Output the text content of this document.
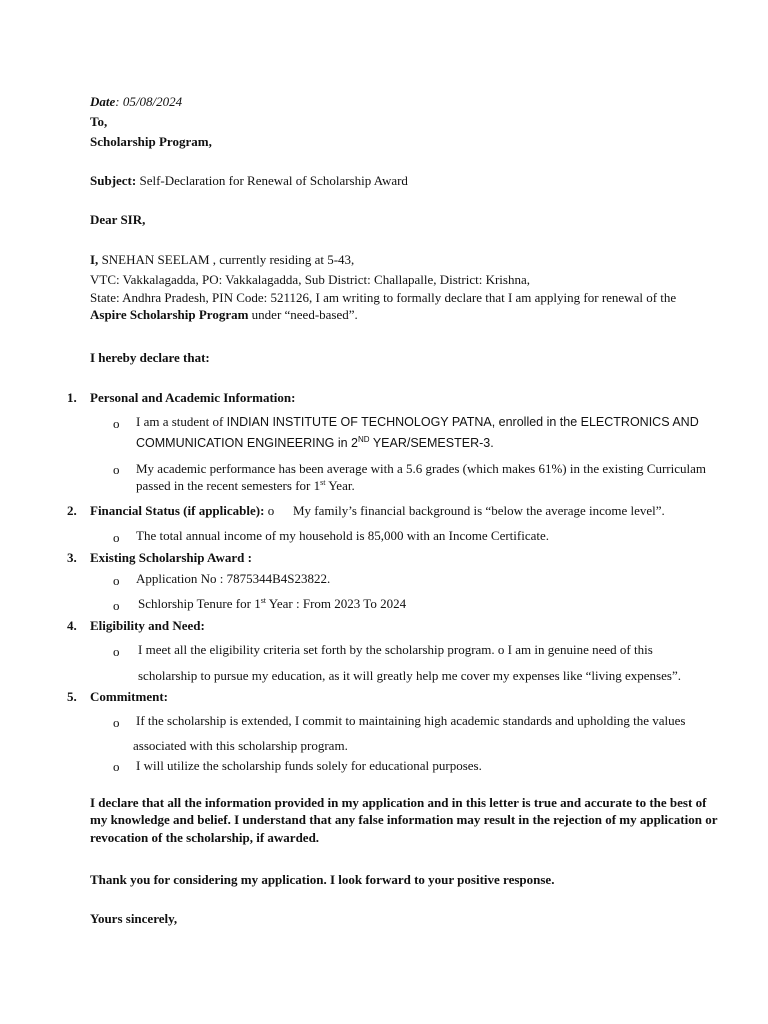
Date: 05/08/2024
To,
Scholarship Program,
Subject: Self-Declaration for Renewal of Scholarship Award
Dear SIR,
I, SNEHAN SEELAM , currently residing at 5-43,
VTC: Vakkalagadda, PO: Vakkalagadda, Sub District: Challapalle, District: Krishna,
State: Andhra Pradesh, PIN Code: 521126, I am writing to formally declare that I am applying for renewal of the
Aspire Scholarship Program under “need-based”.
I hereby declare that:
1. Personal and Academic Information:
o I am a student of INDIAN INSTITUTE OF TECHNOLOGY PATNA, enrolled in the ELECTRONICS AND
COMMUNICATION ENGINEERING in 2ND YEAR/SEMESTER-3.
o My academic performance has been average with a 5.6 grades (which makes 61%) in the existing Curriculam
passed in the recent semesters for 1st Year.
2. Financial Status (if applicable): o My family’s financial background is “below the average income level”.
o The total annual income of my household is 85,000 with an Income Certificate.
3. Existing Scholarship Award :
o Application No : 7875344B4S23822.
o Schlorship Tenure for 1st Year : From 2023 To 2024
4. Eligibility and Need:
o I meet all the eligibility criteria set forth by the scholarship program. o I am in genuine need of this
scholarship to pursue my education, as it will greatly help me cover my expenses like “living expenses”.
5. Commitment:
o If the scholarship is extended, I commit to maintaining high academic standards and upholding the values
associated with this scholarship program.
o I will utilize the scholarship funds solely for educational purposes.
I declare that all the information provided in my application and in this letter is true and accurate to the best of
my knowledge and belief. I understand that any false information may result in the rejection of my application or
revocation of the scholarship, if awarded.
Thank you for considering my application. I look forward to your positive response.
Yours sincerely,
